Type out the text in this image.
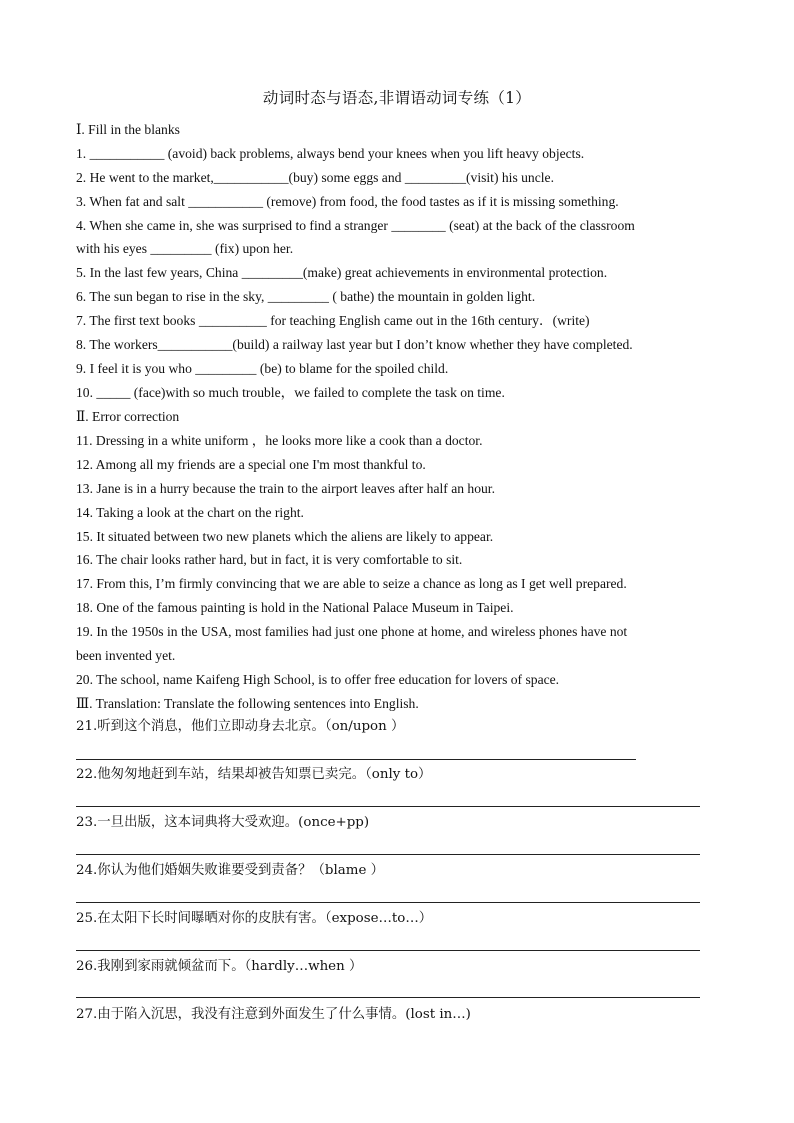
动词时态与语态,非谓语动词专练（1）
Ⅰ. Fill in the blanks
1. ___________ (avoid) back problems, always bend your knees when you lift heavy objects.
2. He went to the market,___________(buy) some eggs and _________(visit) his uncle.
3. When fat and salt ___________ (remove) from food, the food tastes as if it is missing something.
4. When she came in, she was surprised to find a stranger ________ (seat) at the back of the classroom
with his eyes _________ (fix) upon her.
5. In the last few years, China _________(make) great achievements in environmental protection.
6. The sun began to rise in the sky, _________ ( bathe) the mountain in golden light.
7. The first text books __________ for teaching English came out in the 16th century．(write)
8. The workers___________(build) a railway last year but I don’t know whether they have completed.
9. I feel it is you who _________ (be) to blame for the spoiled child.
10. _____ (face)with so much trouble，we failed to complete the task on time.
Ⅱ. Error correction
11. Dressing in a white uniform ，he looks more like a cook than a doctor.
12. Among all my friends are a special one I'm most thankful to.
13. Jane is in a hurry because the train to the airport leaves after half an hour.
14. Taking a look at the chart on the right.
15. It situated between two new planets which the aliens are likely to appear.
16. The chair looks rather hard, but in fact, it is very comfortable to sit.
17. From this, I’m firmly convincing that we are able to seize a chance as long as I get well prepared.
18. One of the famous painting is hold in the National Palace Museum in Taipei.
19. In the 1950s in the USA, most families had just one phone at home, and wireless phones have not
been invented yet.
20. The school, name Kaifeng High School, is to offer free education for lovers of space.
Ⅲ. Translation: Translate the following sentences into English.
21.听到这个消息，他们立即动身去北京。（on/upon ）
22.他匆匆地赶到车站，结果却被告知票已卖完。（only to）
23.一旦出版，这本词典将大受欢迎。(once+pp)
24.你认为他们婚姻失败谁要受到责备？（blame ）
25.在太阳下长时间曝晒对你的皮肤有害。（expose…to…）
26.我刚到家雨就倾盆而下。（hardly…when ）
27.由于陷入沉思，我没有注意到外面发生了什么事情。(lost in…)
